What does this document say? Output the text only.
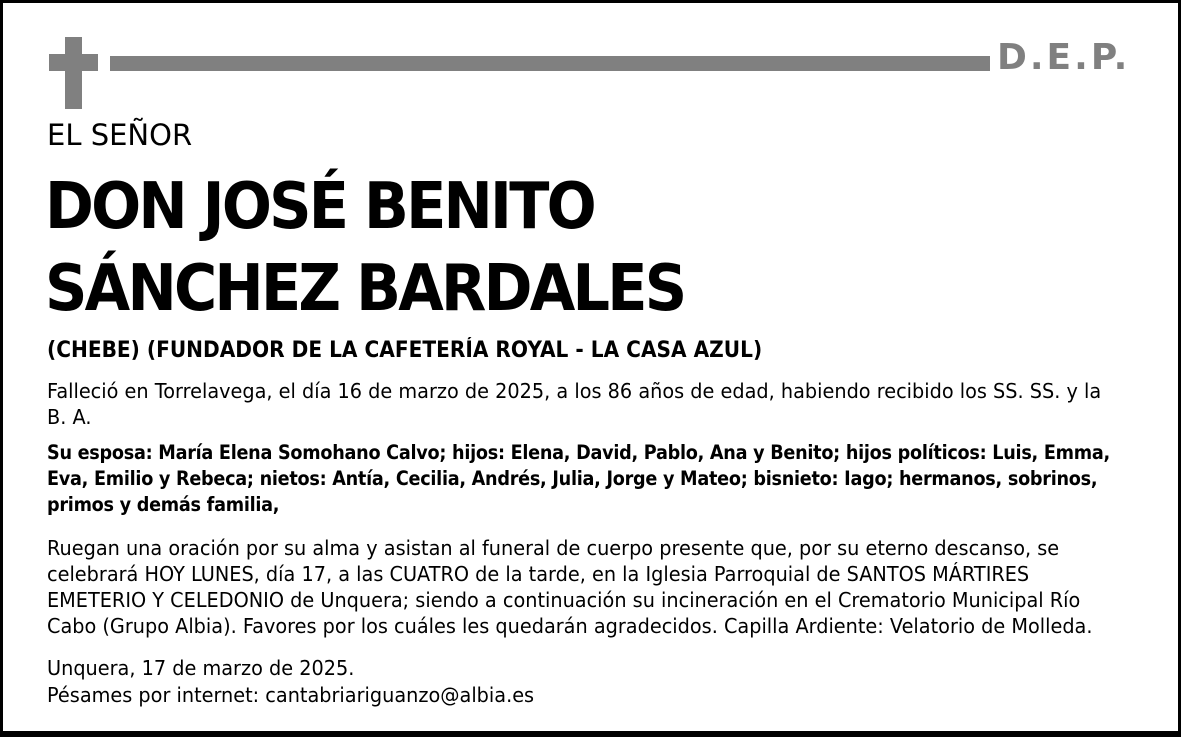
D.E.P.
EL SEÑOR
DON JOSÉ BENITO
SÁNCHEZ BARDALES
(CHEBE) (FUNDADOR DE LA CAFETERÍA ROYAL - LA CASA AZUL)
Falleció en Torrelavega, el día 16 de marzo de 2025, a los 86 años de edad, habiendo recibido los SS. SS. y la
B. A.
Su esposa: María Elena Somohano Calvo; hijos: Elena, David, Pablo, Ana y Benito; hijos políticos: Luis, Emma,
Eva, Emilio y Rebeca; nietos: Antía, Cecilia, Andrés, Julia, Jorge y Mateo; bisnieto: Iago; hermanos, sobrinos,
primos y demás familia,
Ruegan una oración por su alma y asistan al funeral de cuerpo presente que, por su eterno descanso, se
celebrará HOY LUNES, día 17, a las CUATRO de la tarde, en la Iglesia Parroquial de SANTOS MÁRTIRES
EMETERIO Y CELEDONIO de Unquera; siendo a continuación su incineración en el Crematorio Municipal Río
Cabo (Grupo Albia). Favores por los cuáles les quedarán agradecidos. Capilla Ardiente: Velatorio de Molleda.
Unquera, 17 de marzo de 2025.
Pésames por internet: cantabriariguanzo@albia.es
